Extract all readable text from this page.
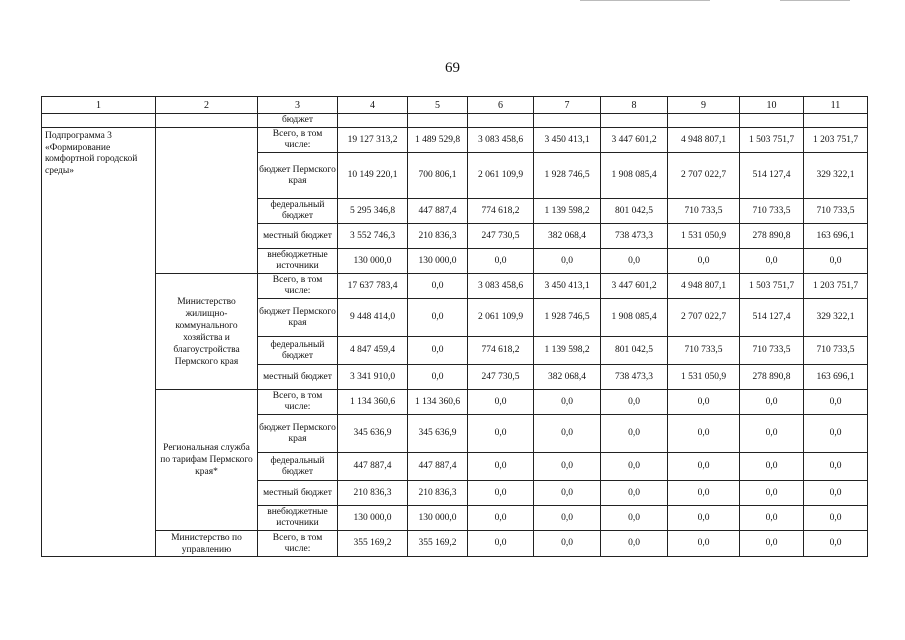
69
1	2	3	4	5	6	7	8	9	10	11
		бюджет								
Подпрограмма 3 «Формирование комфортной городской среды»		Всего, в том числе:	19 127 313,2	1 489 529,8	3 083 458,6	3 450 413,1	3 447 601,2	4 948 807,1	1 503 751,7	1 203 751,7
		бюджет Пермского края	10 149 220,1	700 806,1	2 061 109,9	1 928 746,5	1 908 085,4	2 707 022,7	514 127,4	329 322,1
		федеральный бюджет	5 295 346,8	447 887,4	774 618,2	1 139 598,2	801 042,5	710 733,5	710 733,5	710 733,5
		местный бюджет	3 552 746,3	210 836,3	247 730,5	382 068,4	738 473,3	1 531 050,9	278 890,8	163 696,1
		внебюджетные источники	130 000,0	130 000,0	0,0	0,0	0,0	0,0	0,0	0,0
	Министерство жилищно-коммунального хозяйства и благоустройства Пермского края	Всего, в том числе:	17 637 783,4	0,0	3 083 458,6	3 450 413,1	3 447 601,2	4 948 807,1	1 503 751,7	1 203 751,7
		бюджет Пермского края	9 448 414,0	0,0	2 061 109,9	1 928 746,5	1 908 085,4	2 707 022,7	514 127,4	329 322,1
		федеральный бюджет	4 847 459,4	0,0	774 618,2	1 139 598,2	801 042,5	710 733,5	710 733,5	710 733,5
		местный бюджет	3 341 910,0	0,0	247 730,5	382 068,4	738 473,3	1 531 050,9	278 890,8	163 696,1
	Региональная служба по тарифам Пермского края*	Всего, в том числе:	1 134 360,6	1 134 360,6	0,0	0,0	0,0	0,0	0,0	0,0
		бюджет Пермского края	345 636,9	345 636,9	0,0	0,0	0,0	0,0	0,0	0,0
		федеральный бюджет	447 887,4	447 887,4	0,0	0,0	0,0	0,0	0,0	0,0
		местный бюджет	210 836,3	210 836,3	0,0	0,0	0,0	0,0	0,0	0,0
		внебюджетные источники	130 000,0	130 000,0	0,0	0,0	0,0	0,0	0,0	0,0
	Министерство по управлению	Всего, в том числе:	355 169,2	355 169,2	0,0	0,0	0,0	0,0	0,0	0,0
